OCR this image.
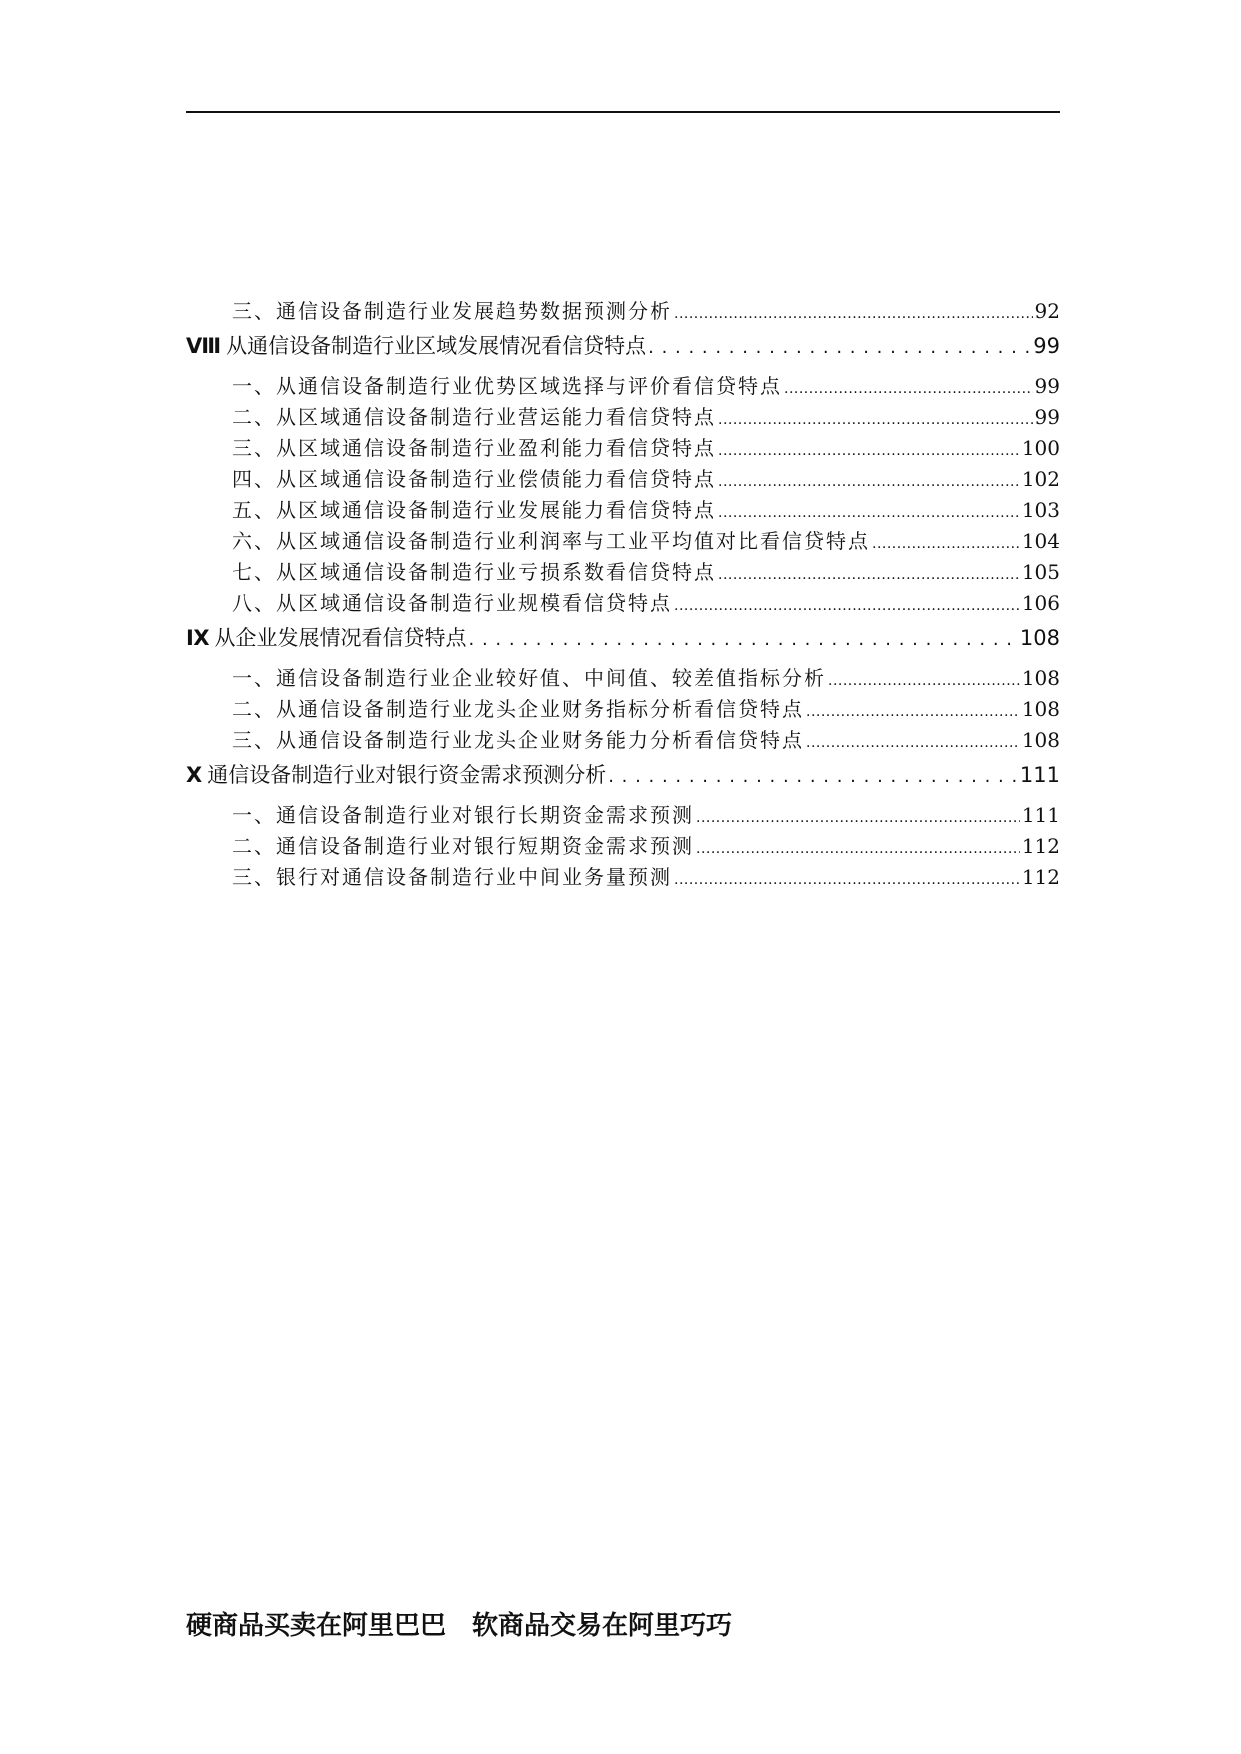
三、通信设备制造行业发展趋势数据预测分析 .....	92
Ⅷ 从通信设备制造行业区域发展情况看信贷特点 . . .	99
一、从通信设备制造行业优势区域选择与评价看信贷特点 .....	99
二、从区域通信设备制造行业营运能力看信贷特点 .....	99
三、从区域通信设备制造行业盈利能力看信贷特点 .....	100
四、从区域通信设备制造行业偿债能力看信贷特点 .....	102
五、从区域通信设备制造行业发展能力看信贷特点 .....	103
六、从区域通信设备制造行业利润率与工业平均值对比看信贷特点 .....	104
七、从区域通信设备制造行业亏损系数看信贷特点 .....	105
八、从区域通信设备制造行业规模看信贷特点 .....	106
Ⅸ 从企业发展情况看信贷特点 . . .	108
一、通信设备制造行业企业较好值、中间值、较差值指标分析 .....	108
二、从通信设备制造行业龙头企业财务指标分析看信贷特点 .....	108
三、从通信设备制造行业龙头企业财务能力分析看信贷特点 .....	108
Ⅹ 通信设备制造行业对银行资金需求预测分析 . . .	111
一、通信设备制造行业对银行长期资金需求预测 .....	111
二、通信设备制造行业对银行短期资金需求预测 .....	112
三、银行对通信设备制造行业中间业务量预测 .....	112
硬商品买卖在阿里巴巴 软商品交易在阿里巧巧
